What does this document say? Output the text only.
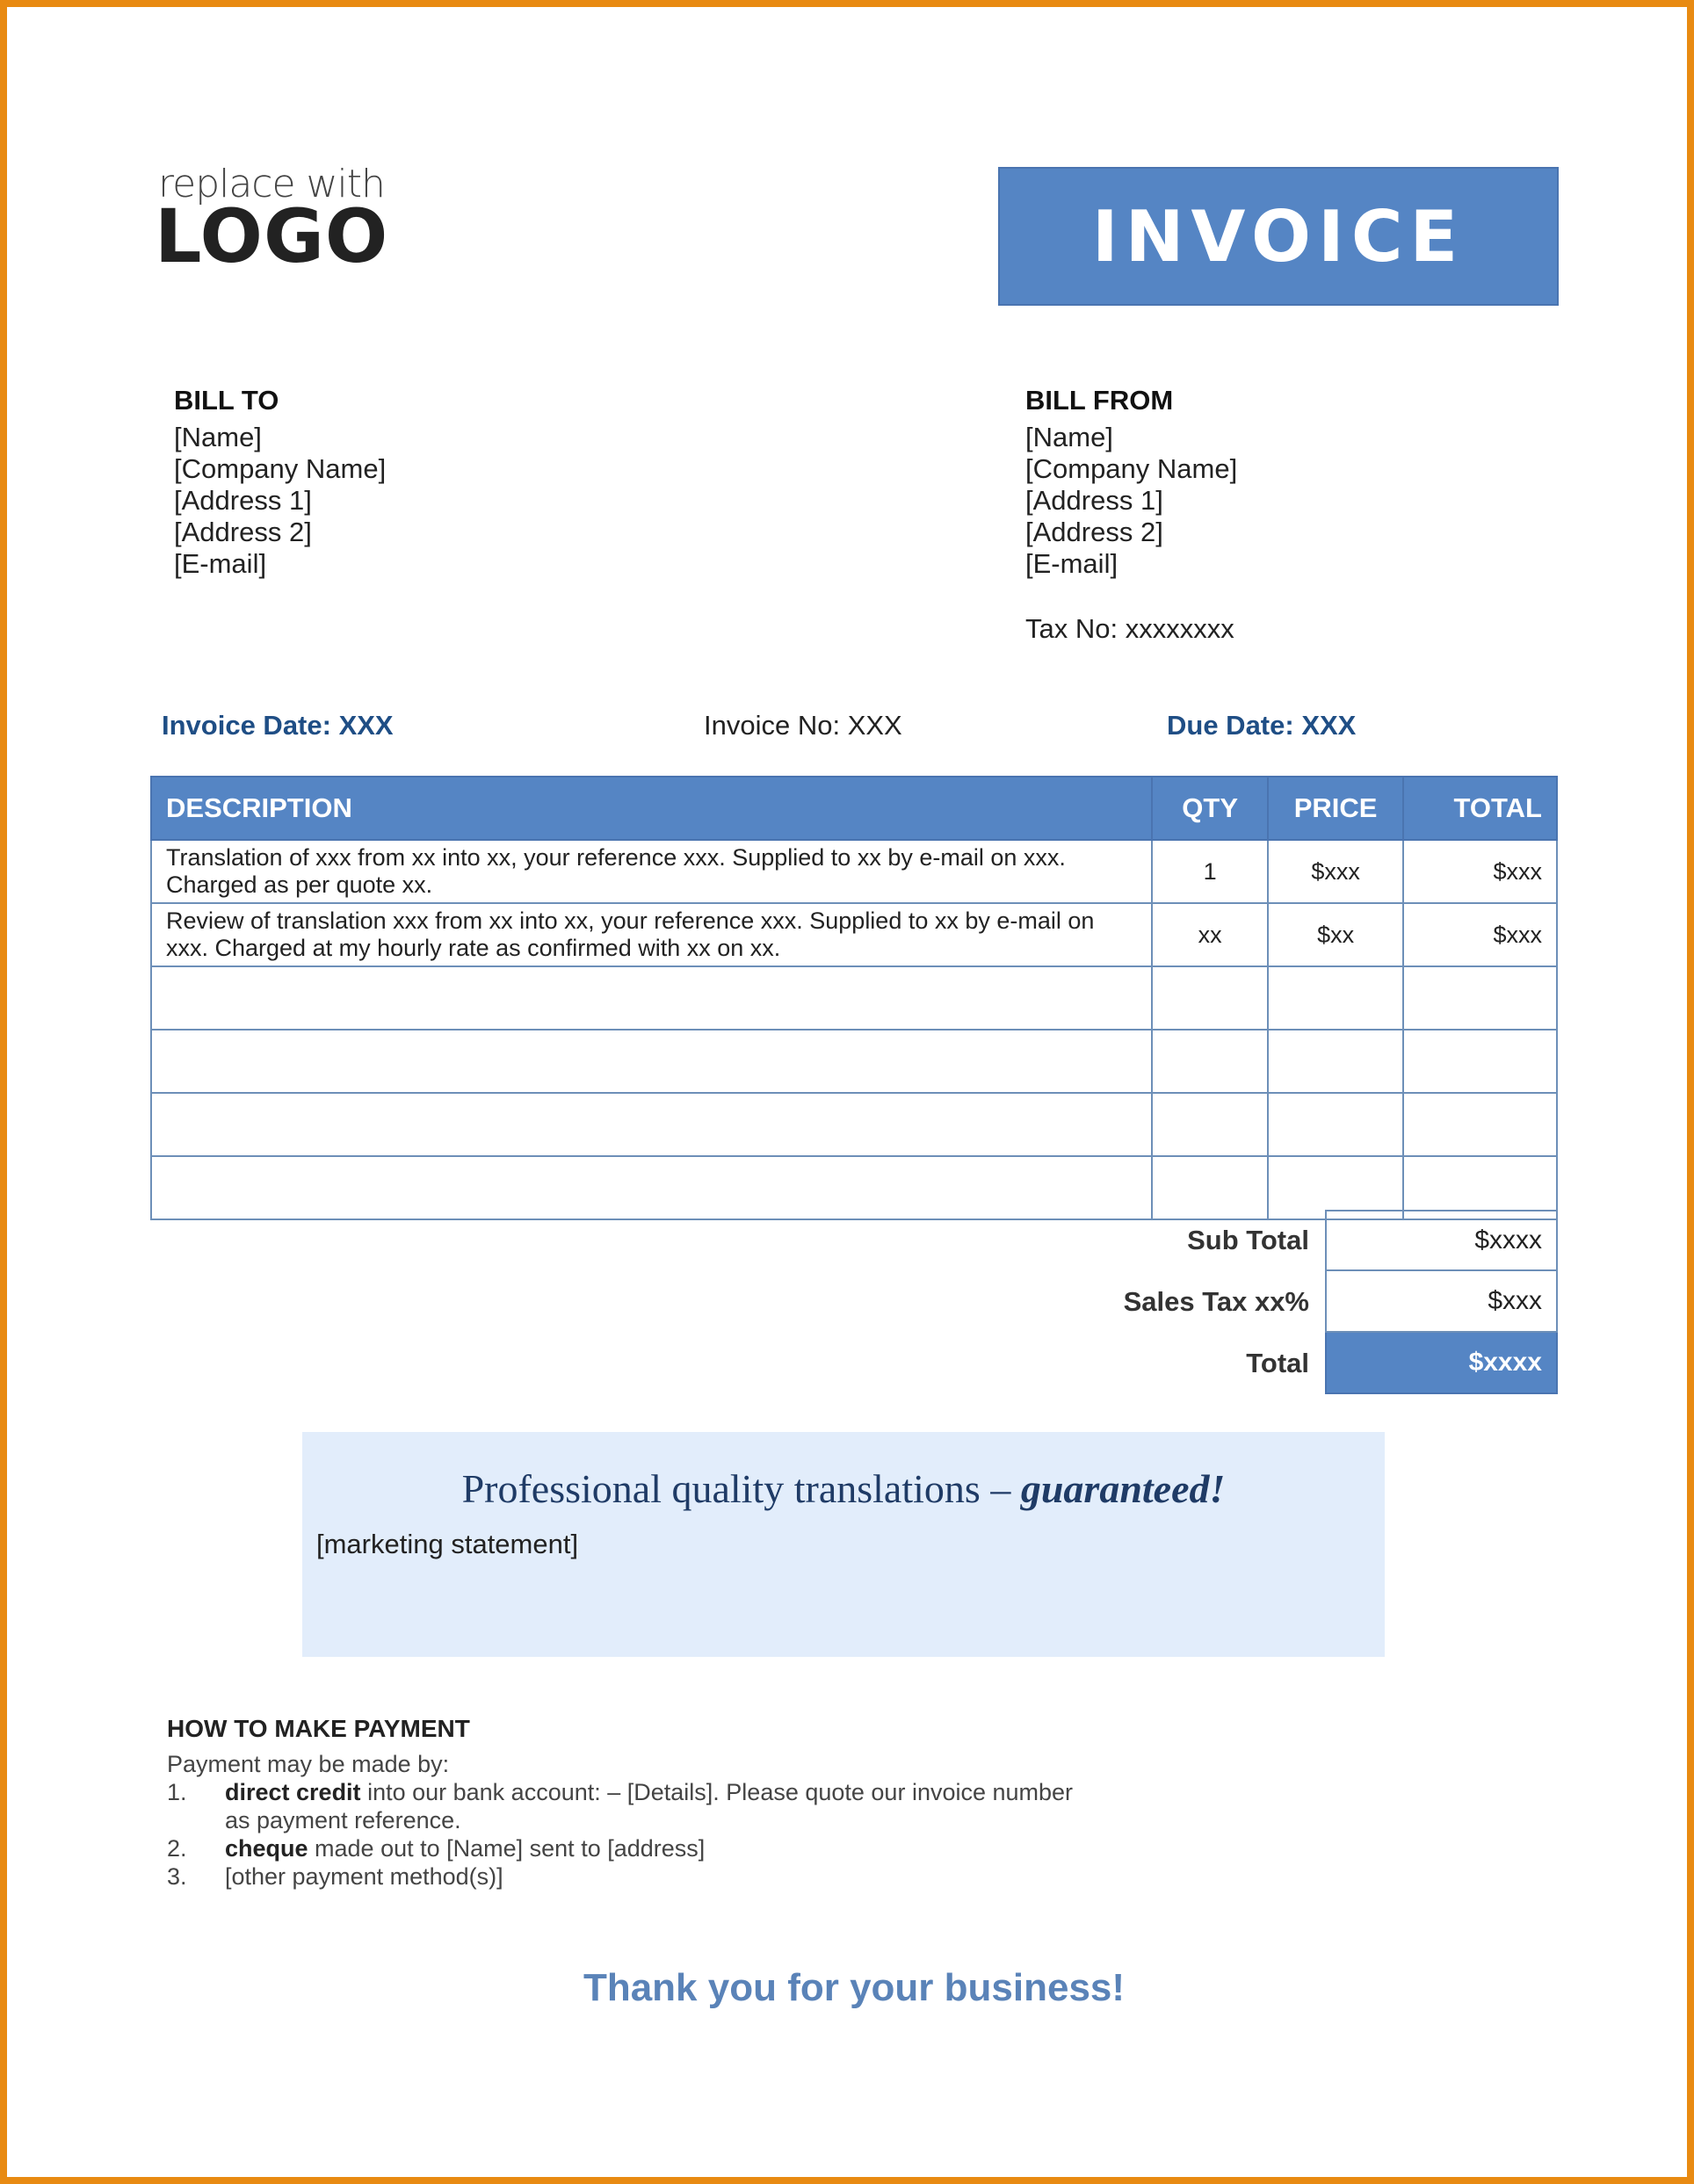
replace with
LOGO	INVOICE
BILL TO
[Name]
[Company Name]
[Address 1]
[Address 2]
[E-mail]
BILL FROM
[Name]
[Company Name]
[Address 1]
[Address 2]
[E-mail]
Tax No: xxxxxxxx
Invoice Date: XXX	Invoice No: XXX	Due Date: XXX
DESCRIPTION	QTY	PRICE	TOTAL
Translation of xxx from xx into xx, your reference xxx. Supplied to xx by e-mail on xxx. Charged as per quote xx.	1	$xxx	$xxx
Review of translation xxx from xx into xx, your reference xxx. Supplied to xx by e-mail on xxx. Charged at my hourly rate as confirmed with xx on xx.	xx	$xx	$xxx

Sub Total	$xxxx
Sales Tax xx%	$xxx
Total	$xxxx
Professional quality translations – guaranteed!
[marketing statement]
HOW TO MAKE PAYMENT
Payment may be made by:
1.	direct credit into our bank account: – [Details]. Please quote our invoice number as payment reference.
2.	cheque made out to [Name] sent to [address]
3.	[other payment method(s)]
Thank you for your business!
